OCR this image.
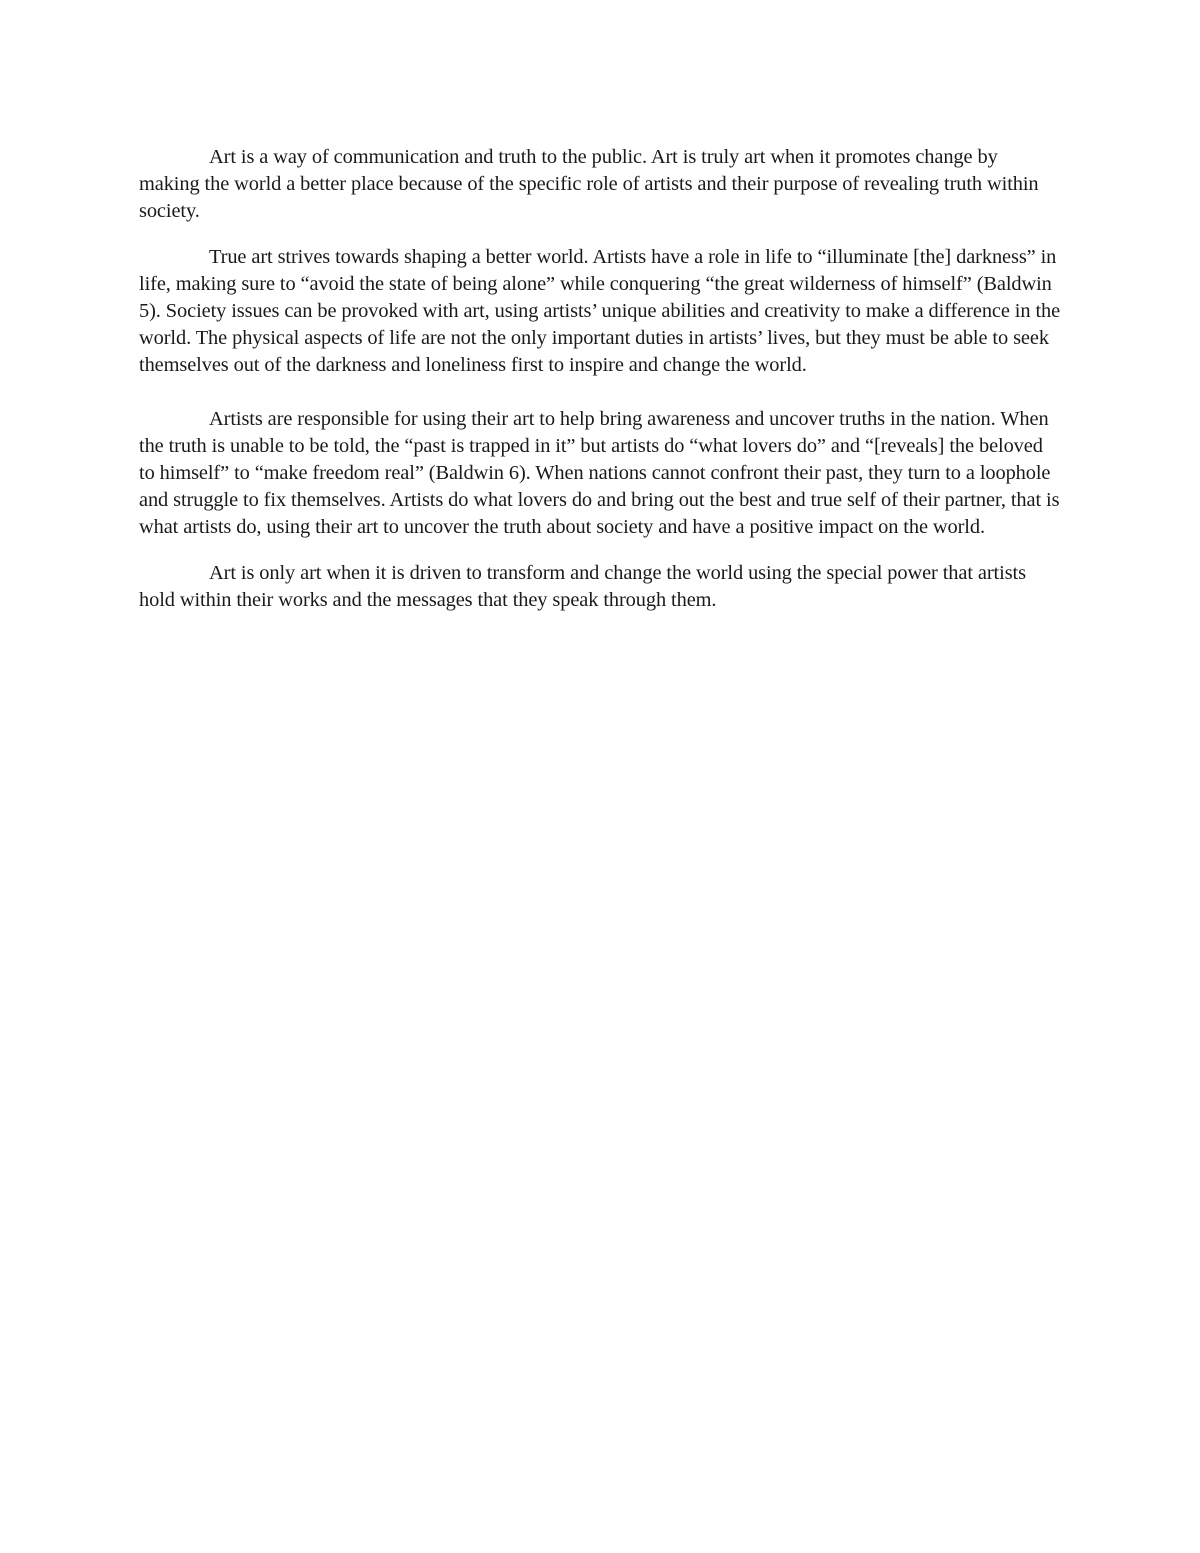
Art is a way of communication and truth to the public. Art is truly art when it promotes change by making the world a better place because of the specific role of artists and their purpose of revealing truth within society.

True art strives towards shaping a better world. Artists have a role in life to “illuminate [the] darkness” in life, making sure to “avoid the state of being alone” while conquering “the great wilderness of himself” (Baldwin 5). Society issues can be provoked with art, using artists’ unique abilities and creativity to make a difference in the world. The physical aspects of life are not the only important duties in artists’ lives, but they must be able to seek themselves out of the darkness and loneliness first to inspire and change the world.

Artists are responsible for using their art to help bring awareness and uncover truths in the nation. When the truth is unable to be told, the “past is trapped in it” but artists do “what lovers do” and “[reveals] the beloved to himself” to “make freedom real” (Baldwin 6). When nations cannot confront their past, they turn to a loophole and struggle to fix themselves. Artists do what lovers do and bring out the best and true self of their partner, that is what artists do, using their art to uncover the truth about society and have a positive impact on the world.

Art is only art when it is driven to transform and change the world using the special power that artists hold within their works and the messages that they speak through them.
